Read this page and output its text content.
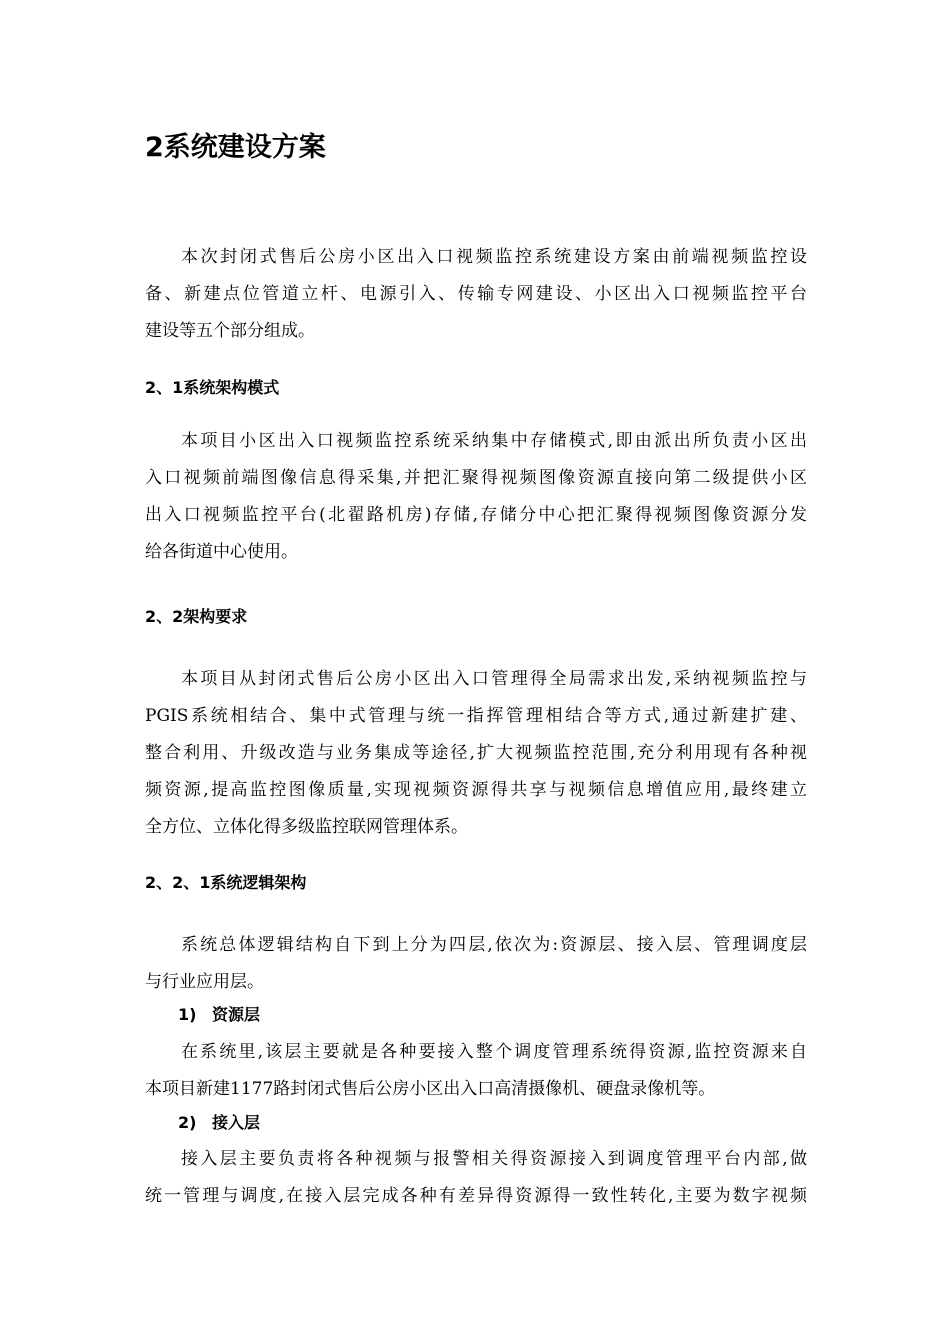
2系统建设方案
本次封闭式售后公房小区出入口视频监控系统建设方案由前端视频监控设
备、新建点位管道立杆、电源引入、传输专网建设、小区出入口视频监控平台
建设等五个部分组成。
2、1系统架构模式
本项目小区出入口视频监控系统采纳集中存储模式,即由派出所负责小区出
入口视频前端图像信息得采集,并把汇聚得视频图像资源直接向第二级提供小区
出入口视频监控平台(北翟路机房)存储,存储分中心把汇聚得视频图像资源分发
给各街道中心使用。
2、2架构要求
本项目从封闭式售后公房小区出入口管理得全局需求出发,采纳视频监控与
PGIS系统相结合、集中式管理与统一指挥管理相结合等方式,通过新建扩建、
整合利用、升级改造与业务集成等途径,扩大视频监控范围,充分利用现有各种视
频资源,提高监控图像质量,实现视频资源得共享与视频信息增值应用,最终建立
全方位、立体化得多级监控联网管理体系。
2、2、1系统逻辑架构
系统总体逻辑结构自下到上分为四层,依次为:资源层、接入层、管理调度层
与行业应用层。
1) 资源层
在系统里,该层主要就是各种要接入整个调度管理系统得资源,监控资源来自
本项目新建1177路封闭式售后公房小区出入口高清摄像机、硬盘录像机等。
2) 接入层
接入层主要负责将各种视频与报警相关得资源接入到调度管理平台内部,做
统一管理与调度,在接入层完成各种有差异得资源得一致性转化,主要为数字视频
